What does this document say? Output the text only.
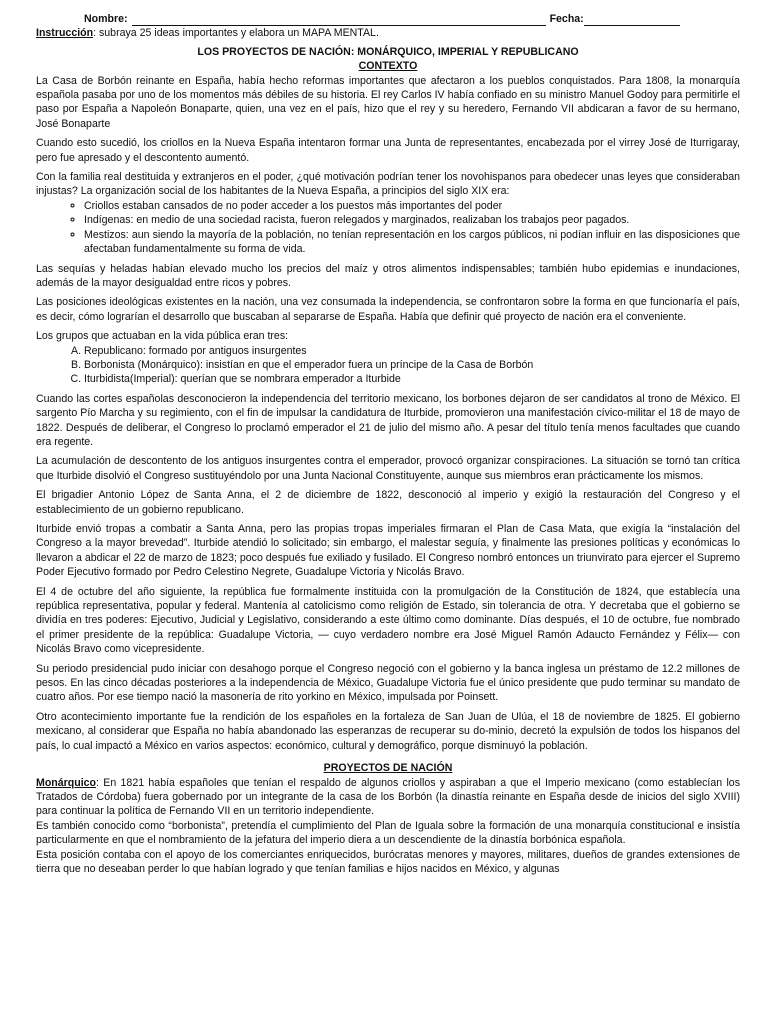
Nombre:	Fecha:
Instrucción: subraya 25 ideas importantes y elabora un MAPA MENTAL.
LOS PROYECTOS DE NACIÓN: MONÁRQUICO, IMPERIAL Y REPUBLICANO
CONTEXTO

La Casa de Borbón reinante en España, había hecho reformas importantes que afectaron a los pueblos conquistados. Para 1808, la monarquía española pasaba por uno de los momentos más débiles de su historia. El rey Carlos IV había confiado en su ministro Manuel Godoy para permitirle el paso por España a Napoleón Bonaparte, quien, una vez en el país, hizo que el rey y su heredero, Fernando VII abdicaran a favor de su hermano, José Bonaparte

Cuando esto sucedió, los criollos en la Nueva España intentaron formar una Junta de representantes, encabezada por el virrey José de Iturrigaray, pero fue apresado y el descontento aumentó.

Con la familia real destituida y extranjeros en el poder, ¿qué motivación podrían tener los novohispanos para obedecer unas leyes que consideraban injustas? La organización social de los habitantes de la Nueva España, a principios del siglo XIX era:

◦ Criollos estaban cansados de no poder acceder a los puestos más importantes del poder
◦ Indígenas: en medio de una sociedad racista, fueron relegados y marginados, realizaban los trabajos peor pagados.
◦ Mestizos: aun siendo la mayoría de la población, no tenían representación en los cargos públicos, ni podían influir en las disposiciones que afectaban fundamentalmente su forma de vida.

Las sequías y heladas habían elevado mucho los precios del maíz y otros alimentos indispensables; también hubo epidemias e inundaciones, además de la mayor desigualdad entre ricos y pobres.

Las posiciones ideológicas existentes en la nación, una vez consumada la independencia, se confrontaron sobre la forma en que funcionaría el país, es decir, cómo lograrían el desarrollo que buscaban al separarse de España. Había que definir qué proyecto de nación era el conveniente.

Los grupos que actuaban en la vida pública eran tres:

A. Republicano: formado por antiguos insurgentes
B. Borbonista (Monárquico): insistían en que el emperador fuera un príncipe de la Casa de Borbón
C. Iturbidista(Imperial): querían que se nombrara emperador a Iturbide

Cuando las cortes españolas desconocieron la independencia del territorio mexicano, los borbones dejaron de ser candidatos al trono de México. El sargento Pío Marcha y su regimiento, con el fin de impulsar la candidatura de Iturbide, promovieron una manifestación cívico-militar el 18 de mayo de 1822. Después de deliberar, el Congreso lo proclamó emperador el 21 de julio del mismo año. A pesar del título tenía menos facultades que cuando era regente.

La acumulación de descontento de los antiguos insurgentes contra el emperador, provocó organizar conspiraciones. La situación se tornó tan crítica que Iturbide disolvió el Congreso sustituyéndolo por una Junta Nacional Constituyente, aunque sus miembros eran prácticamente los mismos.

El brigadier Antonio López de Santa Anna, el 2 de diciembre de 1822, desconoció al imperio y exigió la restauración del Congreso y el establecimiento de un gobierno republicano.

Iturbide envió tropas a combatir a Santa Anna, pero las propias tropas imperiales firmaran el Plan de Casa Mata, que exigía la “instalación del Congreso a la mayor brevedad”. Iturbide atendió lo solicitado; sin embargo, el malestar seguía, y finalmente las presiones políticas y económicas lo llevaron a abdicar el 22 de marzo de 1823; poco después fue exiliado y fusilado. El Congreso nombró entonces un triunvirato para ejercer el Supremo Poder Ejecutivo formado por Pedro Celestino Negrete, Guadalupe Victoria y Nicolás Bravo.

El 4 de octubre del año siguiente, la república fue formalmente instituida con la promulgación de la Constitución de 1824, que establecía una república representativa, popular y federal. Mantenía al catolicismo como religión de Estado, sin tolerancia de otra. Y decretaba que el gobierno se dividía en tres poderes: Ejecutivo, Judicial y Legislativo, considerando a este último como dominante. Días después, el 10 de octubre, fue nombrado el primer presidente de la república: Guadalupe Victoria, — cuyo verdadero nombre era José Miguel Ramón Adaucto Fernández y Félix— con Nicolás Bravo como vicepresidente.

Su periodo presidencial pudo iniciar con desahogo porque el Congreso negoció con el gobierno y la banca inglesa un préstamo de 12.2 millones de pesos. En las cinco décadas posteriores a la independencia de México, Guadalupe Victoria fue el único presidente que pudo terminar su mandato de cuatro años. Por ese tiempo nació la masonería de rito yorkino en México, impulsada por Poinsett.

Otro acontecimiento importante fue la rendición de los españoles en la fortaleza de San Juan de Ulúa, el 18 de noviembre de 1825. El gobierno mexicano, al considerar que España no había abandonado las esperanzas de recuperar su do-minio, decretó la expulsión de todos los hispanos del país, lo cual impactó a México en varios aspectos: económico, cultural y demográfico, porque disminuyó la población.

PROYECTOS DE NACIÓN

Monárquico: En 1821 había españoles que tenían el respaldo de algunos criollos y aspiraban a que el Imperio mexicano (como establecían los Tratados de Córdoba) fuera gobernado por un integrante de la casa de los Borbón (la dinastía reinante en España desde de inicios del siglo XVIII) para continuar la política de Fernando VII en un territorio independiente.

Es también conocido como “borbonista”, pretendía el cumplimiento del Plan de Iguala sobre la formación de una monarquía constitucional e insistía particularmente en que el nombramiento de la jefatura del imperio diera a un descendiente de la dinastía borbónica española.

Esta posición contaba con el apoyo de los comerciantes enriquecidos, burócratas menores y mayores, militares, dueños de grandes extensiones de tierra que no deseaban perder lo que habían logrado y que tenían familias e hijos nacidos en México, y algunas
